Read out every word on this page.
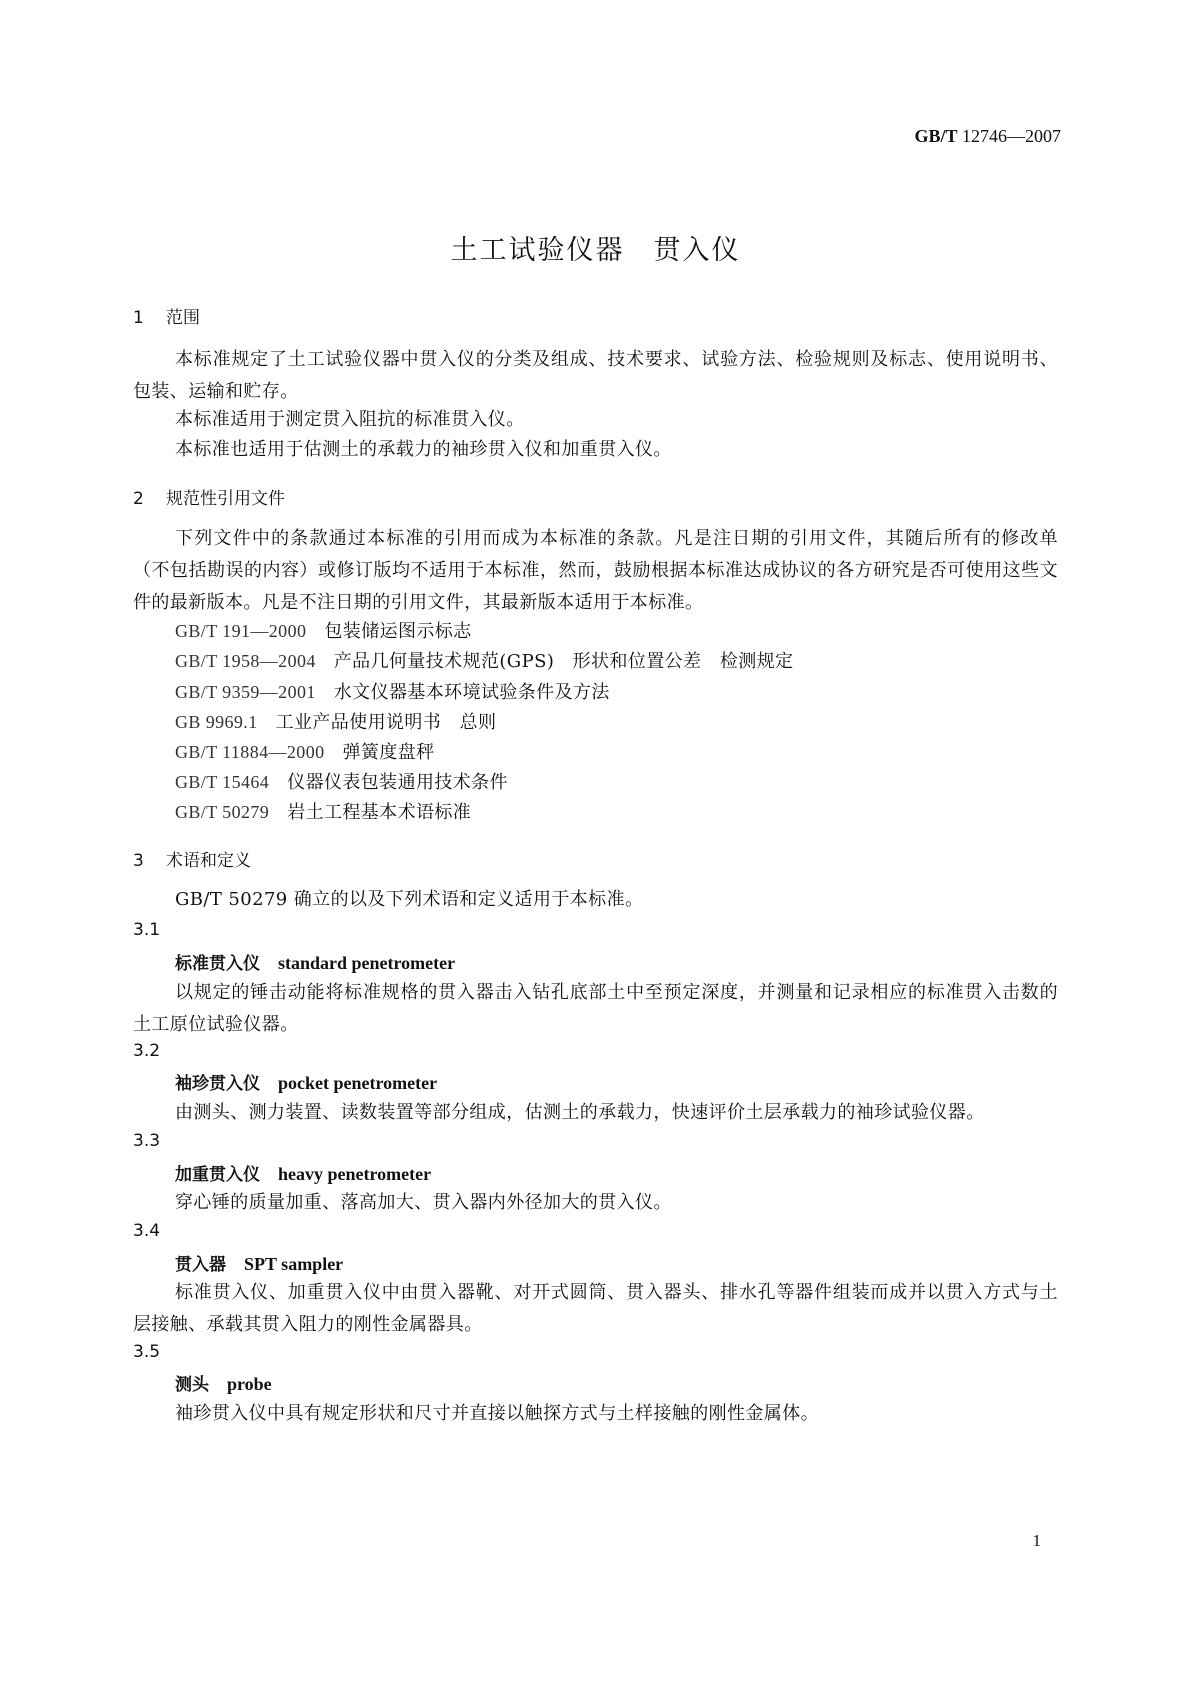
GB/T 12746—2007
土工试验仪器　贯入仪
1 范围
本标准规定了土工试验仪器中贯入仪的分类及组成、技术要求、试验方法、检验规则及标志、使用说明书、包装、运输和贮存。
本标准适用于测定贯入阻抗的标准贯入仪。
本标准也适用于估测土的承载力的袖珍贯入仪和加重贯入仪。
2 规范性引用文件
下列文件中的条款通过本标准的引用而成为本标准的条款。凡是注日期的引用文件，其随后所有的修改单（不包括勘误的内容）或修订版均不适用于本标准，然而，鼓励根据本标准达成协议的各方研究是否可使用这些文件的最新版本。凡是不注日期的引用文件，其最新版本适用于本标准。
GB/T 191—2000 包装储运图示标志
GB/T 1958—2004 产品几何量技术规范(GPS)　形状和位置公差　检测规定
GB/T 9359—2001 水文仪器基本环境试验条件及方法
GB 9969.1 工业产品使用说明书　总则
GB/T 11884—2000 弹簧度盘秤
GB/T 15464 仪器仪表包装通用技术条件
GB/T 50279 岩土工程基本术语标准
3 术语和定义
GB/T 50279 确立的以及下列术语和定义适用于本标准。
3.1
标准贯入仪 standard penetrometer
以规定的锤击动能将标准规格的贯入器击入钻孔底部土中至预定深度，并测量和记录相应的标准贯入击数的土工原位试验仪器。
3.2
袖珍贯入仪 pocket penetrometer
由测头、测力装置、读数装置等部分组成，估测土的承载力，快速评价土层承载力的袖珍试验仪器。
3.3
加重贯入仪 heavy penetrometer
穿心锤的质量加重、落高加大、贯入器内外径加大的贯入仪。
3.4
贯入器 SPT sampler
标准贯入仪、加重贯入仪中由贯入器靴、对开式圆筒、贯入器头、排水孔等器件组装而成并以贯入方式与土层接触、承载其贯入阻力的刚性金属器具。
3.5
测头 probe
袖珍贯入仪中具有规定形状和尺寸并直接以触探方式与土样接触的刚性金属体。
1
